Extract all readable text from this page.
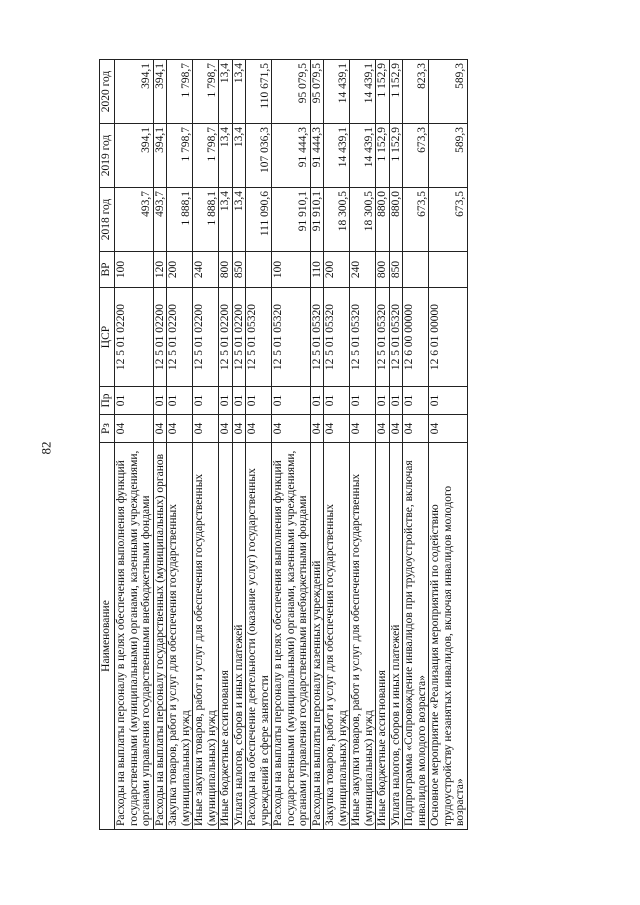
82
Наименование	Рз	Пр	ЦСР	ВР	2018 год	2019 год	2020 год
Расходы на выплаты персоналу в целях обеспечения выполнения функций государственными (муниципальными) органами, казенными учреждениями, органами управления государственными внебюджетными фондами	04	01	12 5 01 02200	100	493,7	394,1	394,1
Расходы на выплаты персоналу государственных (муниципальных) органов	04	01	12 5 01 02200	120	493,7	394,1	394,1
Закупка товаров, работ и услуг для обеспечения государственных (муниципальных) нужд	04	01	12 5 01 02200	200	1 888,1	1 798,7	1 798,7
Иные закупки товаров, работ и услуг для обеспечения государственных (муниципальных) нужд	04	01	12 5 01 02200	240	1 888,1	1 798,7	1 798,7
Иные бюджетные ассигнования	04	01	12 5 01 02200	800	13,4	13,4	13,4
Уплата налогов, сборов и иных платежей	04	01	12 5 01 02200	850	13,4	13,4	13,4
Расходы на обеспечение деятельности (оказание услуг) государственных учреждений в сфере занятости	04	01	12 5 01 05320		111 090,6	107 036,3	110 671,5
Расходы на выплаты персоналу в целях обеспечения выполнения функций государственными (муниципальными) органами, казенными учреждениями, органами управления государственными внебюджетными фондами	04	01	12 5 01 05320	100	91 910,1	91 444,3	95 079,5
Расходы на выплаты персоналу казенных учреждений	04	01	12 5 01 05320	110	91 910,1	91 444,3	95 079,5
Закупка товаров, работ и услуг для обеспечения государственных (муниципальных) нужд	04	01	12 5 01 05320	200	18 300,5	14 439,1	14 439,1
Иные закупки товаров, работ и услуг для обеспечения государственных (муниципальных) нужд	04	01	12 5 01 05320	240	18 300,5	14 439,1	14 439,1
Иные бюджетные ассигнования	04	01	12 5 01 05320	800	880,0	1 152,9	1 152,9
Уплата налогов, сборов и иных платежей	04	01	12 5 01 05320	850	880,0	1 152,9	1 152,9
Подпрограмма «Сопровождение инвалидов при трудоустройстве, включая инвалидов молодого возраста»	04	01	12 6 00 00000		673,5	673,3	823,3
Основное мероприятие «Реализация мероприятий по содействию трудоустройству незанятых инвалидов, включая инвалидов молодого возраста»	04	01	12 6 01 00000		673,5	589,3	589,3
